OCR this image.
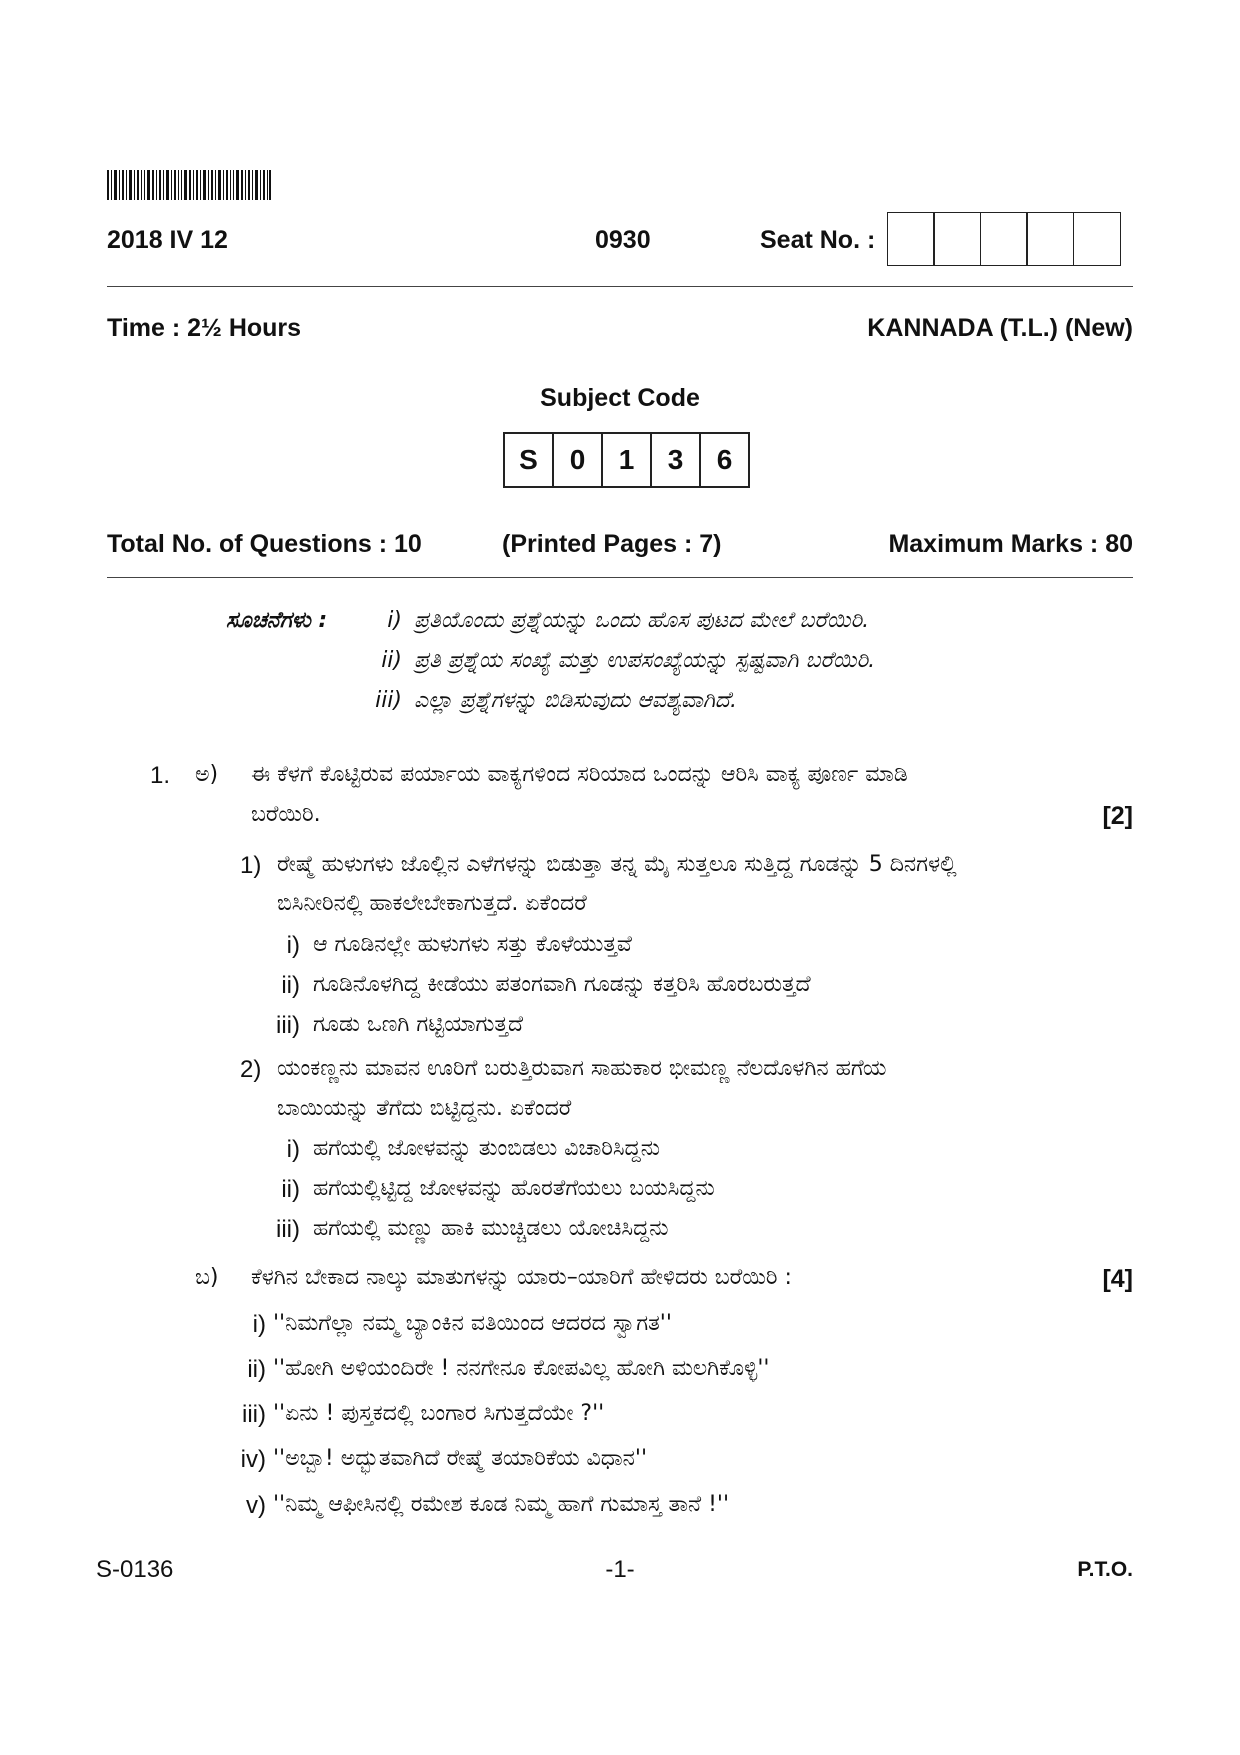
2018 IV 12	0930	Seat No. :
Time : 2½ Hours	KANNADA (T.L.) (New)
Subject Code
S	0	1	3	6
Total No. of Questions : 10	(Printed Pages : 7)	Maximum Marks : 80
ಸೂಚನೆಗಳು :	i) ಪ್ರತಿಯೊಂದು ಪ್ರಶ್ನೆಯನ್ನು ಒಂದು ಹೊಸ ಪುಟದ ಮೇಲೆ ಬರೆಯಿರಿ.
ii) ಪ್ರತಿ ಪ್ರಶ್ನೆಯ ಸಂಖ್ಯೆ ಮತ್ತು ಉಪಸಂಖ್ಯೆಯನ್ನು ಸ್ಪಷ್ಟವಾಗಿ ಬರೆಯಿರಿ.
iii) ಎಲ್ಲಾ ಪ್ರಶ್ನೆಗಳನ್ನು ಬಿಡಿಸುವುದು ಆವಶ್ಯವಾಗಿದೆ.
1. ಅ) ಈ ಕೆಳಗೆ ಕೊಟ್ಟಿರುವ ಪರ್ಯಾಯ ವಾಕ್ಯಗಳಿಂದ ಸರಿಯಾದ ಒಂದನ್ನು ಆರಿಸಿ ವಾಕ್ಯ ಪೂರ್ಣ ಮಾಡಿ
ಬರೆಯಿರಿ.	[2]
1) ರೇಷ್ಮೆ ಹುಳುಗಳು ಜೊಲ್ಲಿನ ಎಳೆಗಳನ್ನು ಬಿಡುತ್ತಾ ತನ್ನ ಮೈ ಸುತ್ತಲೂ ಸುತ್ತಿದ್ದ ಗೂಡನ್ನು 5 ದಿನಗಳಲ್ಲಿ
ಬಿಸಿನೀರಿನಲ್ಲಿ ಹಾಕಲೇಬೇಕಾಗುತ್ತದೆ. ಏಕೆಂದರೆ
i) ಆ ಗೂಡಿನಲ್ಲೇ ಹುಳುಗಳು ಸತ್ತು ಕೊಳೆಯುತ್ತವೆ
ii) ಗೂಡಿನೊಳಗಿದ್ದ ಕೀಡೆಯು ಪತಂಗವಾಗಿ ಗೂಡನ್ನು ಕತ್ತರಿಸಿ ಹೊರಬರುತ್ತದೆ
iii) ಗೂಡು ಒಣಗಿ ಗಟ್ಟಿಯಾಗುತ್ತದೆ
2) ಯಂಕಣ್ಣನು ಮಾವನ ಊರಿಗೆ ಬರುತ್ತಿರುವಾಗ ಸಾಹುಕಾರ ಭೀಮಣ್ಣ ನೆಲದೊಳಗಿನ ಹಗೆಯ
ಬಾಯಿಯನ್ನು ತೆಗೆದು ಬಿಟ್ಟಿದ್ದನು. ಏಕೆಂದರೆ
i) ಹಗೆಯಲ್ಲಿ ಜೋಳವನ್ನು ತುಂಬಿಡಲು ವಿಚಾರಿಸಿದ್ದನು
ii) ಹಗೆಯಲ್ಲಿಟ್ಟಿದ್ದ ಜೋಳವನ್ನು ಹೊರತೆಗೆಯಲು ಬಯಸಿದ್ದನು
iii) ಹಗೆಯಲ್ಲಿ ಮಣ್ಣು ಹಾಕಿ ಮುಚ್ಚಿಡಲು ಯೋಚಿಸಿದ್ದನು
ಬ) ಕೆಳಗಿನ ಬೇಕಾದ ನಾಲ್ಕು ಮಾತುಗಳನ್ನು ಯಾರು–ಯಾರಿಗೆ ಹೇಳಿದರು ಬರೆಯಿರಿ :	[4]
i) ''ನಿಮಗೆಲ್ಲಾ ನಮ್ಮ ಬ್ಯಾಂಕಿನ ವತಿಯಿಂದ ಆದರದ ಸ್ವಾಗತ''
ii) ''ಹೋಗಿ ಅಳಿಯಂದಿರೇ ! ನನಗೇನೂ ಕೋಪವಿಲ್ಲ ಹೋಗಿ ಮಲಗಿಕೊಳ್ಳಿ''
iii) ''ಏನು ! ಪುಸ್ತಕದಲ್ಲಿ ಬಂಗಾರ ಸಿಗುತ್ತದೆಯೇ ?''
iv) ''ಅಬ್ಬಾ! ಅದ್ಭುತವಾಗಿದೆ ರೇಷ್ಮೆ ತಯಾರಿಕೆಯ ವಿಧಾನ''
v) ''ನಿಮ್ಮ ಆಫೀಸಿನಲ್ಲಿ ರಮೇಶ ಕೂಡ ನಿಮ್ಮ ಹಾಗೆ ಗುಮಾಸ್ತ ತಾನೆ !''
S-0136	-1-	P.T.O.
